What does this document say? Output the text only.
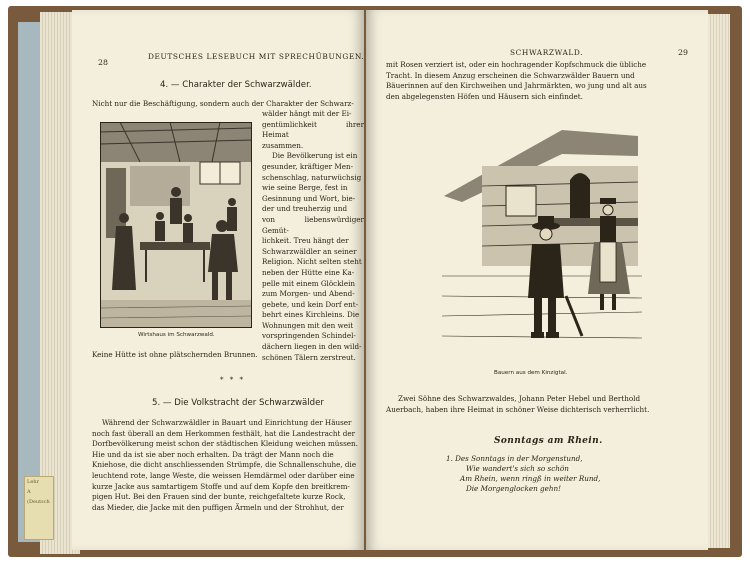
Lehr
A
(Deutsch
28
DEUTSCHES LESEBUCH MIT SPRECHÜBUNGEN.
4. — Charakter der Schwarzwälder.
Nicht nur die Beschäftigung, sondern auch der Charakter der Schwarz-
Wirtshaus im Schwarzwald.

wälder hängt mit der Ei-

gentümlichkeit ihrer Heimat

zusammen.

Die Bevölkerung ist ein

gesunder, kräftiger Men-

schenschlag, naturwüchsig

wie seine Berge, fest in

Gesinnung und Wort, bie-

der und treuherzig und

von liebenswürdiger Gemüt-

lichkeit. Treu hängt der

Schwarzwäldler an seiner

Religion. Nicht selten steht

neben der Hütte eine Ka-

pelle mit einem Glöcklein

zum Morgen- und Abend-

gebete, und kein Dorf ent-

behrt eines Kirchleins. Die

Wohnungen mit den weit

vorspringenden Schindel-

dächern liegen in den wild-

schönen Tälern zerstreut.

Keine Hütte ist ohne plätschernden Brunnen.
* * *
5. — Die Volkstracht der Schwarzwälder

Während der Schwarzwäldler in Bauart und Einrichtung der Häuser

noch fast überall an dem Herkommen festhält, hat die Landestracht der

Dorfbevölkerung meist schon der städtischen Kleidung weichen müssen.

Hie und da ist sie aber noch erhalten. Da trägt der Mann noch die

Kniehose, die dicht anschliessenden Strümpfe, die Schnallenschuhe, die

leuchtend rote, lange Weste, die weissen Hemdärmel oder darüber eine

kurze Jacke aus samtartigem Stoffe und auf dem Kopfe den breitkrem-

pigen Hut. Bei den Frauen sind der bunte, reichgefaltete kurze Rock,

das Mieder, die Jacke mit den puffigen Ärmeln und der Strohhut, der

SCHWARZWALD.	29

mit Rosen verziert ist, oder ein hochragender Kopfschmuck die übliche

Tracht. In diesem Anzug erscheinen die Schwarzwälder Bauern und

Bäuerinnen auf den Kirchweihen und Jahrmärkten, wo jung und alt aus

den abgelegensten Höfen und Häusern sich einfindet.

Bauern aus dem Kinzigtal.

Zwei Söhne des Schwarzwaldes, Johann Peter Hebel und Berthold

Auerbach, haben ihre Heimat in schöner Weise dichterisch verherrlicht.

Sonntags am Rhein.
1. Des Sonntags in der Morgenstund,
Wie wandert's sich so schön
Am Rhein, wenn ringß in weiter Rund,
Die Morgenglocken gehn!
